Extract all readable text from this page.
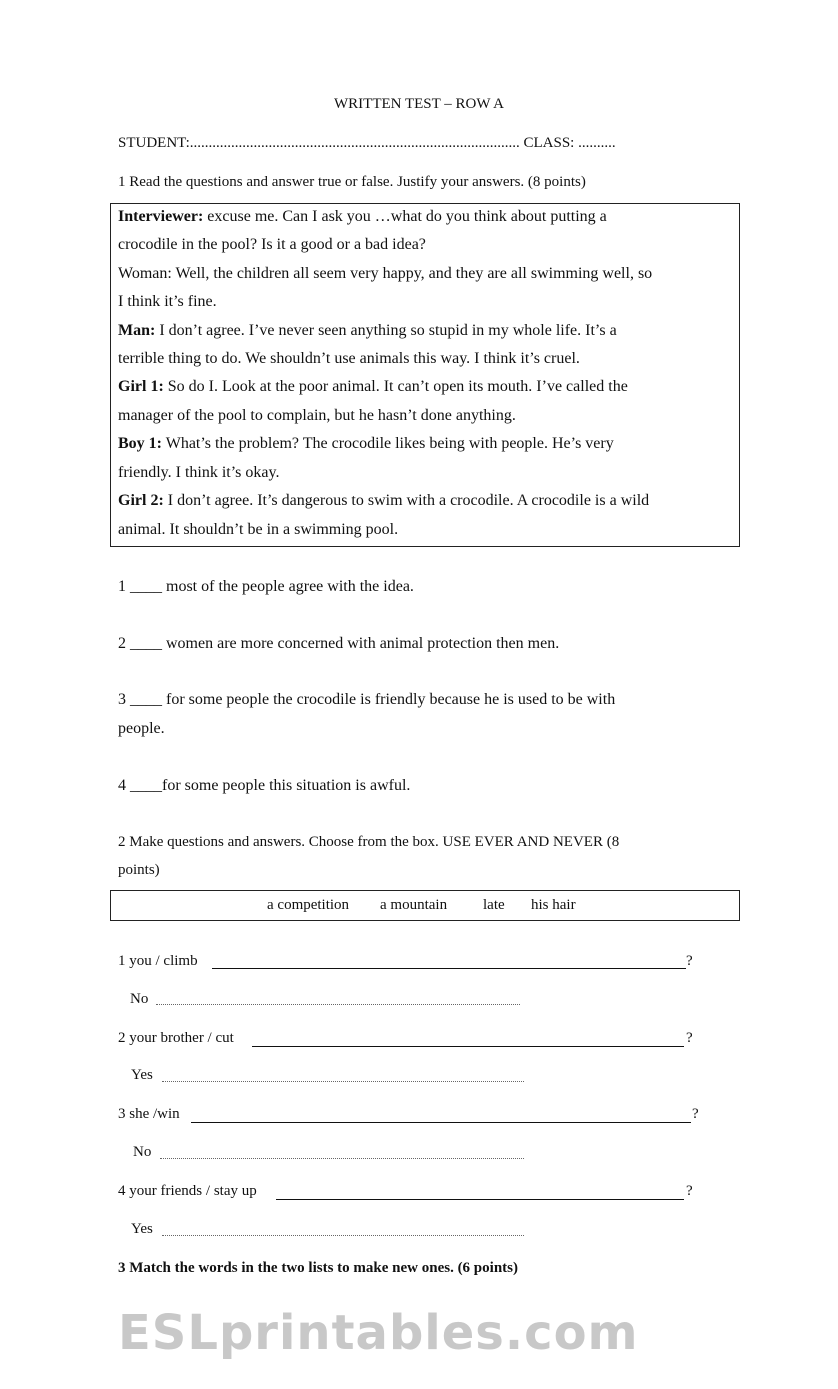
WRITTEN TEST – ROW A
STUDENT:........................................................................................ CLASS: ..........
1 Read the questions and answer true or false. Justify your answers. (8 points)
Interviewer: excuse me. Can I ask you …what do you think about putting a
crocodile in the pool? Is it a good or a bad idea?
Woman: Well, the children all seem very happy, and they are all swimming well, so
I think it’s fine.
Man: I don’t agree. I’ve never seen anything so stupid in my whole life. It’s a
terrible thing to do. We shouldn’t use animals this way. I think it’s cruel.
Girl 1: So do I. Look at the poor animal. It can’t open its mouth. I’ve called the
manager of the pool to complain, but he hasn’t done anything.
Boy 1: What’s the problem? The crocodile likes being with people. He’s very
friendly. I think it’s okay.
Girl 2: I don’t agree. It’s dangerous to swim with a crocodile. A crocodile is a wild
animal. It shouldn’t be in a swimming pool.
1 ____ most of the people agree with the idea.
2 ____ women are more concerned with animal protection then men.
3 ____ for some people the crocodile is friendly because he is used to be with
people.
4 ____for some people this situation is awful.
2 Make questions and answers. Choose from the box. USE EVER AND NEVER (8
points)
a competition a mountain late his hair
1 you / climb	?
No
2 your brother / cut	?
Yes
3 she /win	?
No
4 your friends / stay up	?
Yes
3 Match the words in the two lists to make new ones. (6 points)
ESLprintables.com
